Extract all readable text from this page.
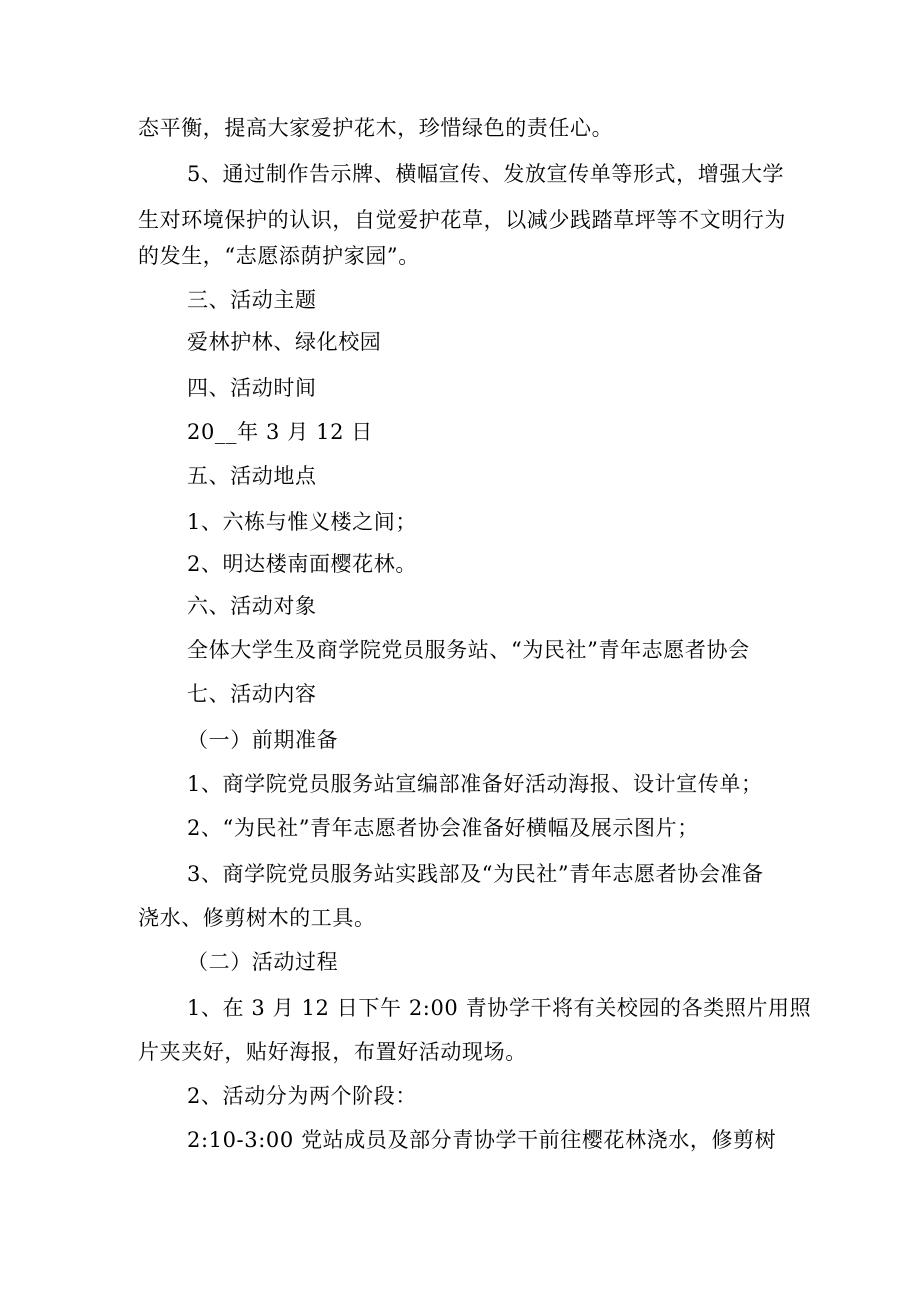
态平衡，提高大家爱护花木，珍惜绿色的责任心。
5、通过制作告示牌、横幅宣传、发放宣传单等形式，增强大学
生对环境保护的认识，自觉爱护花草，以减少践踏草坪等不文明行为
的发生，“志愿添荫护家园”。
三、活动主题
爱林护林、绿化校园
四、活动时间
20__年 3 月 12 日
五、活动地点
1、六栋与惟义楼之间；
2、明达楼南面樱花林。
六、活动对象
全体大学生及商学院党员服务站、“为民社”青年志愿者协会
七、活动内容
（一）前期准备
1、商学院党员服务站宣编部准备好活动海报、设计宣传单；
2、“为民社”青年志愿者协会准备好横幅及展示图片；
3、商学院党员服务站实践部及“为民社”青年志愿者协会准备
浇水、修剪树木的工具。
（二）活动过程
1、在 3 月 12 日下午 2:00 青协学干将有关校园的各类照片用照
片夹夹好，贴好海报，布置好活动现场。
2、活动分为两个阶段：
2:10-3:00 党站成员及部分青协学干前往樱花林浇水，修剪树
